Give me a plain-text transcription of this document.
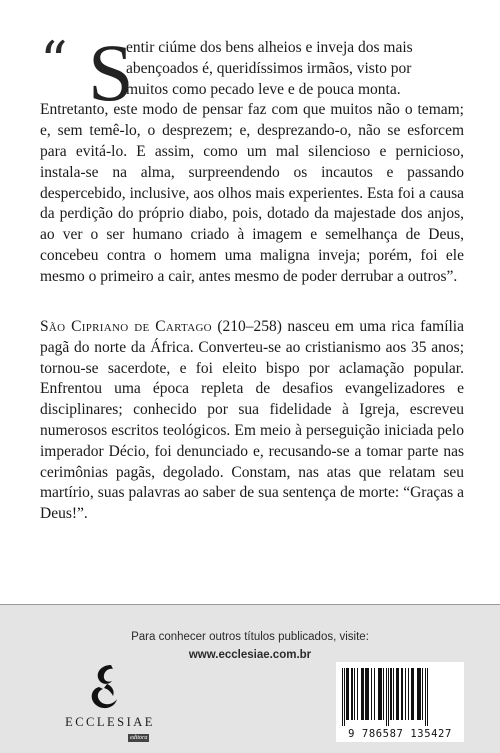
“ S

entir ciúme dos bens alheios e inveja dos mais
abençoados é, queridíssimos irmãos, visto por
muitos como pecado leve e de pouca monta.
Entretanto, este modo de pensar faz com que muitos não o temam; e, sem temê-lo, o desprezem; e, desprezando-o, não se esforcem para evitá-lo. E assim, como um mal silencioso e pernicioso, instala-se na alma, surpreendendo os incautos e passando despercebido, inclusive, aos olhos mais experientes. Esta foi a causa da perdição do próprio diabo, pois, dotado da majestade dos anjos, ao ver o ser humano criado à imagem e semelhança de Deus, concebeu contra o homem uma maligna inveja; porém, foi ele mesmo o primeiro a cair, antes mesmo de poder derrubar a outros”.

São Cipriano de Cartago (210–258) nasceu em uma rica família pagã do norte da África. Converteu-se ao cristianismo aos 35 anos; tornou-se sacerdote, e foi eleito bispo por aclamação popular. Enfrentou uma época repleta de desafios evangelizadores e disciplinares; conhecido por sua fidelidade à Igreja, escreveu numerosos escritos teológicos. Em meio à perseguição iniciada pelo imperador Décio, foi denunciado e, recusando-se a tomar parte nas cerimônias pagãs, degolado. Constam, nas atas que relatam seu martírio, suas palavras ao saber de sua sentença de morte: “Graças a Deus!”.

Para conhecer outros títulos publicados, visite:
www.ecclesiae.com.br
ECCLESIAE
editora	9 786587 135427
